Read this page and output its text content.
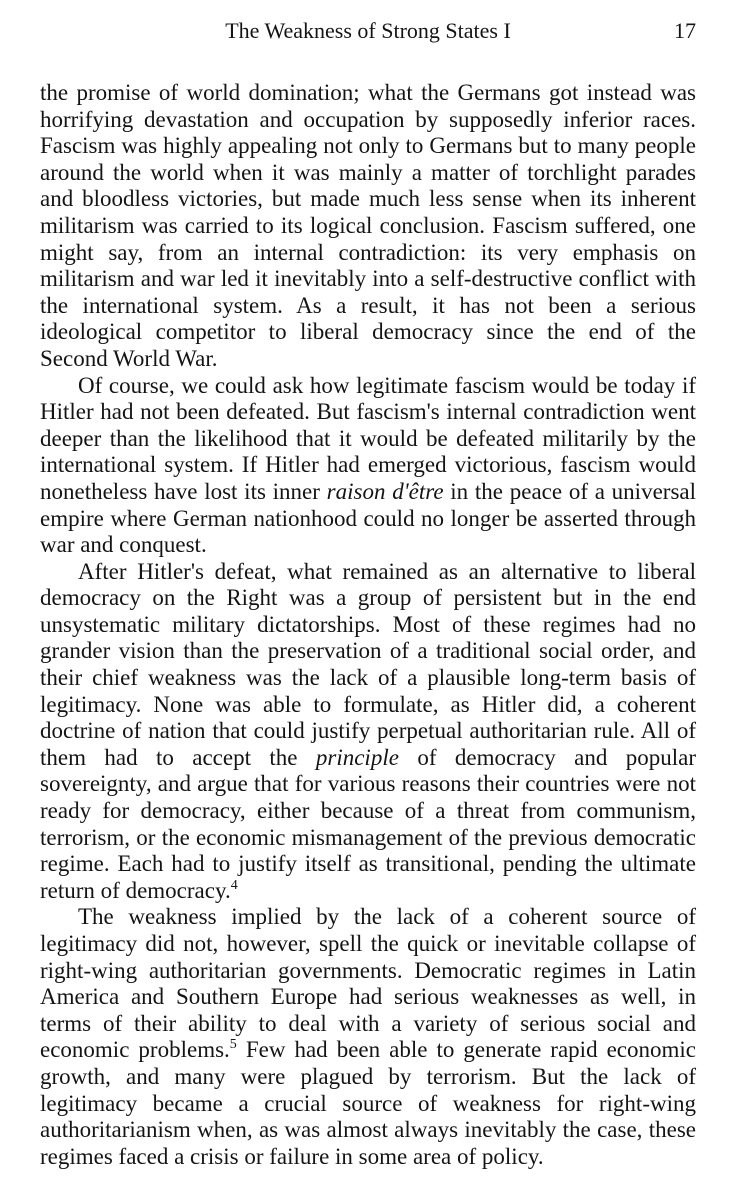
The Weakness of Strong States I	17

the promise of world domination; what the Germans got instead was horrifying devastation and occupation by supposedly inferior races. Fascism was highly appealing not only to Germans but to many people around the world when it was mainly a matter of torchlight parades and bloodless victories, but made much less sense when its inherent militarism was carried to its logical conclusion. Fascism suffered, one might say, from an internal contradiction: its very emphasis on militarism and war led it inevitably into a self-destructive conflict with the international system. As a result, it has not been a serious ideological competitor to liberal democracy since the end of the Second World War.

Of course, we could ask how legitimate fascism would be today if Hitler had not been defeated. But fascism's internal contradiction went deeper than the likelihood that it would be defeated militarily by the international system. If Hitler had emerged victorious, fascism would nonetheless have lost its inner raison d'être in the peace of a universal empire where German nationhood could no longer be asserted through war and conquest.

After Hitler's defeat, what remained as an alternative to liberal democracy on the Right was a group of persistent but in the end unsystematic military dictatorships. Most of these regimes had no grander vision than the preservation of a traditional social order, and their chief weakness was the lack of a plausible long-term basis of legitimacy. None was able to formulate, as Hitler did, a coherent doctrine of nation that could justify perpetual authoritarian rule. All of them had to accept the principle of democracy and popular sovereignty, and argue that for various reasons their countries were not ready for democracy, either because of a threat from communism, terrorism, or the economic mismanagement of the previous democratic regime. Each had to justify itself as transitional, pending the ultimate return of democracy.$^4$

The weakness implied by the lack of a coherent source of legitimacy did not, however, spell the quick or inevitable collapse of right-wing authoritarian governments. Democratic regimes in Latin America and Southern Europe had serious weaknesses as well, in terms of their ability to deal with a variety of serious social and economic problems.$^5$ Few had been able to generate rapid economic growth, and many were plagued by terrorism. But the lack of legitimacy became a crucial source of weakness for right-wing authoritarianism when, as was almost always inevitably the case, these regimes faced a crisis or failure in some area of policy.
